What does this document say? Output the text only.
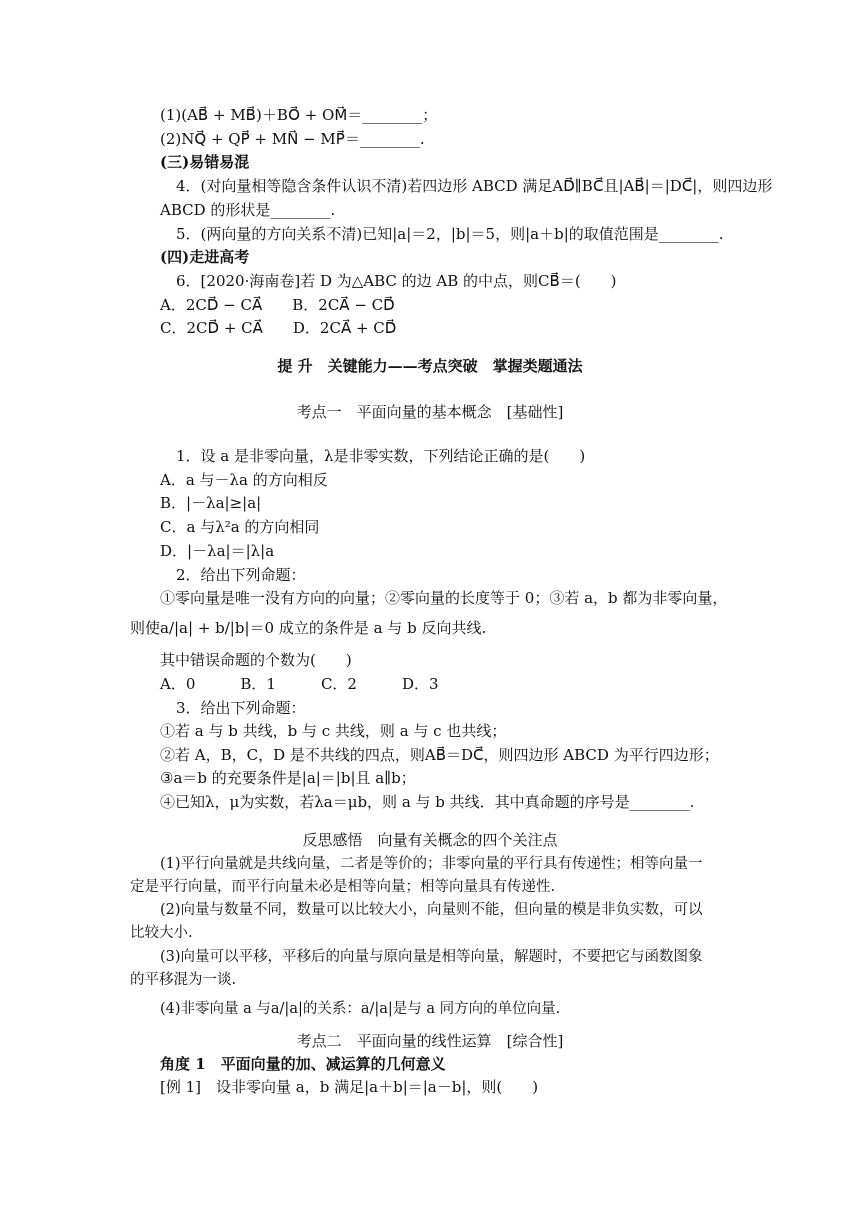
(1)(AB⃗ + MB⃗)＋BO⃗ + OM⃗＝________；
(2)NQ⃗ + QP⃗ + MN⃗ − MP⃗＝________.
(三)易错易混
4．(对向量相等隐含条件认识不清)若四边形 ABCD 满足AD⃗∥BC⃗且|AB⃗|＝|DC⃗|，则四边形
ABCD 的形状是________.
5．(两向量的方向关系不清)已知|a|＝2，|b|＝5，则|a＋b|的取值范围是________.
(四)走进高考
6．[2020·海南卷]若 D 为△ABC 的边 AB 的中点，则CB⃗＝(　　)
A．2CD⃗ − CA⃗　　B．2CA⃗ − CD⃗
C．2CD⃗ + CA⃗　　D．2CA⃗ + CD⃗
提 升　关键能力——考点突破　掌握类题通法
考点一　平面向量的基本概念　[基础性]
1．设 a 是非零向量，λ是非零实数，下列结论正确的是(　　)
A．a 与－λa 的方向相反
B．|－λa|≥|a|
C．a 与λ²a 的方向相同
D．|－λa|＝|λ|a
2．给出下列命题：
①零向量是唯一没有方向的向量；②零向量的长度等于 0；③若 a，b 都为非零向量，
则使a/|a| + b/|b|＝0 成立的条件是 a 与 b 反向共线.
其中错误命题的个数为(　　)
A．0　　　B．1　　　C．2　　　D．3
3．给出下列命题：
①若 a 与 b 共线，b 与 c 共线，则 a 与 c 也共线；
②若 A，B，C，D 是不共线的四点，则AB⃗＝DC⃗，则四边形 ABCD 为平行四边形；
③a＝b 的充要条件是|a|＝|b|且 a∥b；
④已知λ，μ为实数，若λa＝μb，则 a 与 b 共线．其中真命题的序号是________.
反思感悟　向量有关概念的四个关注点
(1)平行向量就是共线向量，二者是等价的；非零向量的平行具有传递性；相等向量一
定是平行向量，而平行向量未必是相等向量；相等向量具有传递性.
(2)向量与数量不同，数量可以比较大小，向量则不能，但向量的模是非负实数，可以
比较大小.
(3)向量可以平移，平移后的向量与原向量是相等向量，解题时，不要把它与函数图象
的平移混为一谈.
(4)非零向量 a 与a/|a|的关系：a/|a|是与 a 同方向的单位向量.
考点二　平面向量的线性运算　[综合性]
角度 1　平面向量的加、减运算的几何意义
[例 1]　设非零向量 a，b 满足|a＋b|＝|a－b|，则(　　)
